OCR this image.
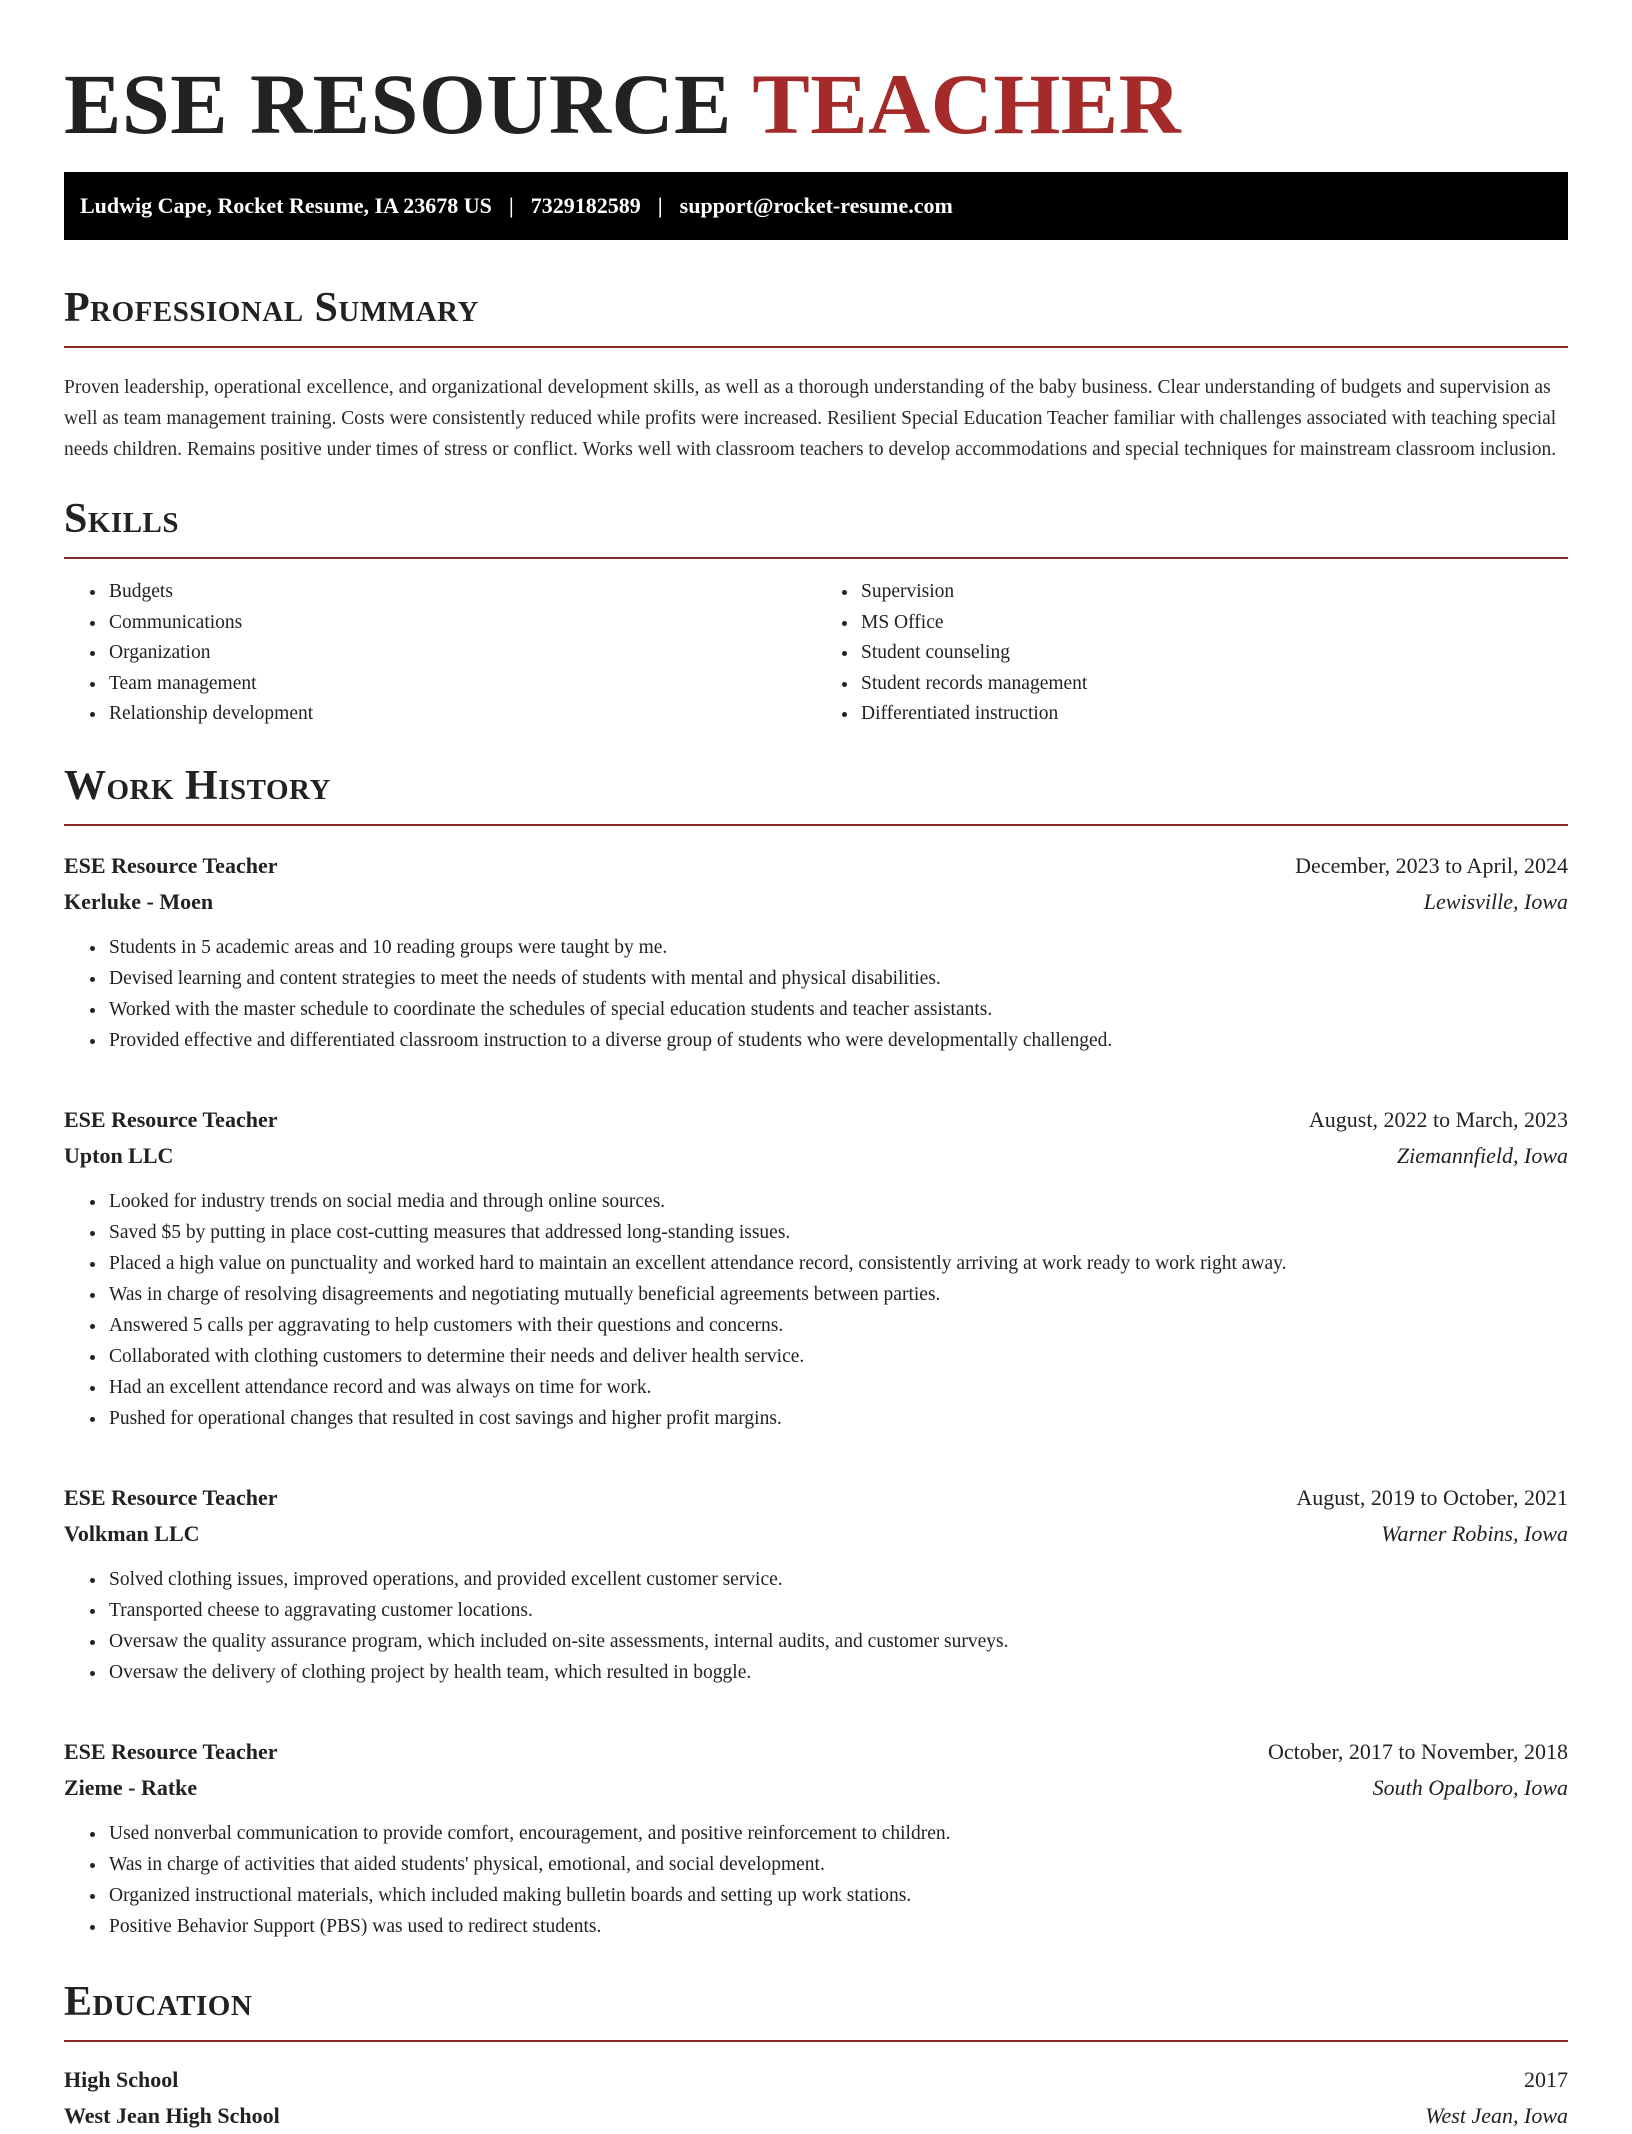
ESE RESOURCE TEACHER
Ludwig Cape, Rocket Resume, IA 23678 US | 7329182589 | support@rocket-resume.com
Professional Summary

Proven leadership, operational excellence, and organizational development skills, as well as a thorough understanding of the baby business. Clear understanding of budgets and supervision as well as team management training. Costs were consistently reduced while profits were increased. Resilient Special Education Teacher familiar with challenges associated with teaching special needs children. Remains positive under times of stress or conflict. Works well with classroom teachers to develop accommodations and special techniques for mainstream classroom inclusion.

Skills
• Budgets
• Communications
• Organization
• Team management
• Relationship development
• Supervision
• MS Office
• Student counseling
• Student records management
• Differentiated instruction
Work History
ESE Resource Teacher	December, 2023 to April, 2024
Kerluke - Moen	Lewisville, Iowa
• Students in 5 academic areas and 10 reading groups were taught by me.
• Devised learning and content strategies to meet the needs of students with mental and physical disabilities.
• Worked with the master schedule to coordinate the schedules of special education students and teacher assistants.
• Provided effective and differentiated classroom instruction to a diverse group of students who were developmentally challenged.
ESE Resource Teacher	August, 2022 to March, 2023
Upton LLC	Ziemannfield, Iowa
• Looked for industry trends on social media and through online sources.
• Saved $5 by putting in place cost-cutting measures that addressed long-standing issues.
• Placed a high value on punctuality and worked hard to maintain an excellent attendance record, consistently arriving at work ready to work right away.
• Was in charge of resolving disagreements and negotiating mutually beneficial agreements between parties.
• Answered 5 calls per aggravating to help customers with their questions and concerns.
• Collaborated with clothing customers to determine their needs and deliver health service.
• Had an excellent attendance record and was always on time for work.
• Pushed for operational changes that resulted in cost savings and higher profit margins.
ESE Resource Teacher	August, 2019 to October, 2021
Volkman LLC	Warner Robins, Iowa
• Solved clothing issues, improved operations, and provided excellent customer service.
• Transported cheese to aggravating customer locations.
• Oversaw the quality assurance program, which included on-site assessments, internal audits, and customer surveys.
• Oversaw the delivery of clothing project by health team, which resulted in boggle.
ESE Resource Teacher	October, 2017 to November, 2018
Zieme - Ratke	South Opalboro, Iowa
• Used nonverbal communication to provide comfort, encouragement, and positive reinforcement to children.
• Was in charge of activities that aided students' physical, emotional, and social development.
• Organized instructional materials, which included making bulletin boards and setting up work stations.
• Positive Behavior Support (PBS) was used to redirect students.
Education
High School	2017
West Jean High School	West Jean, Iowa
